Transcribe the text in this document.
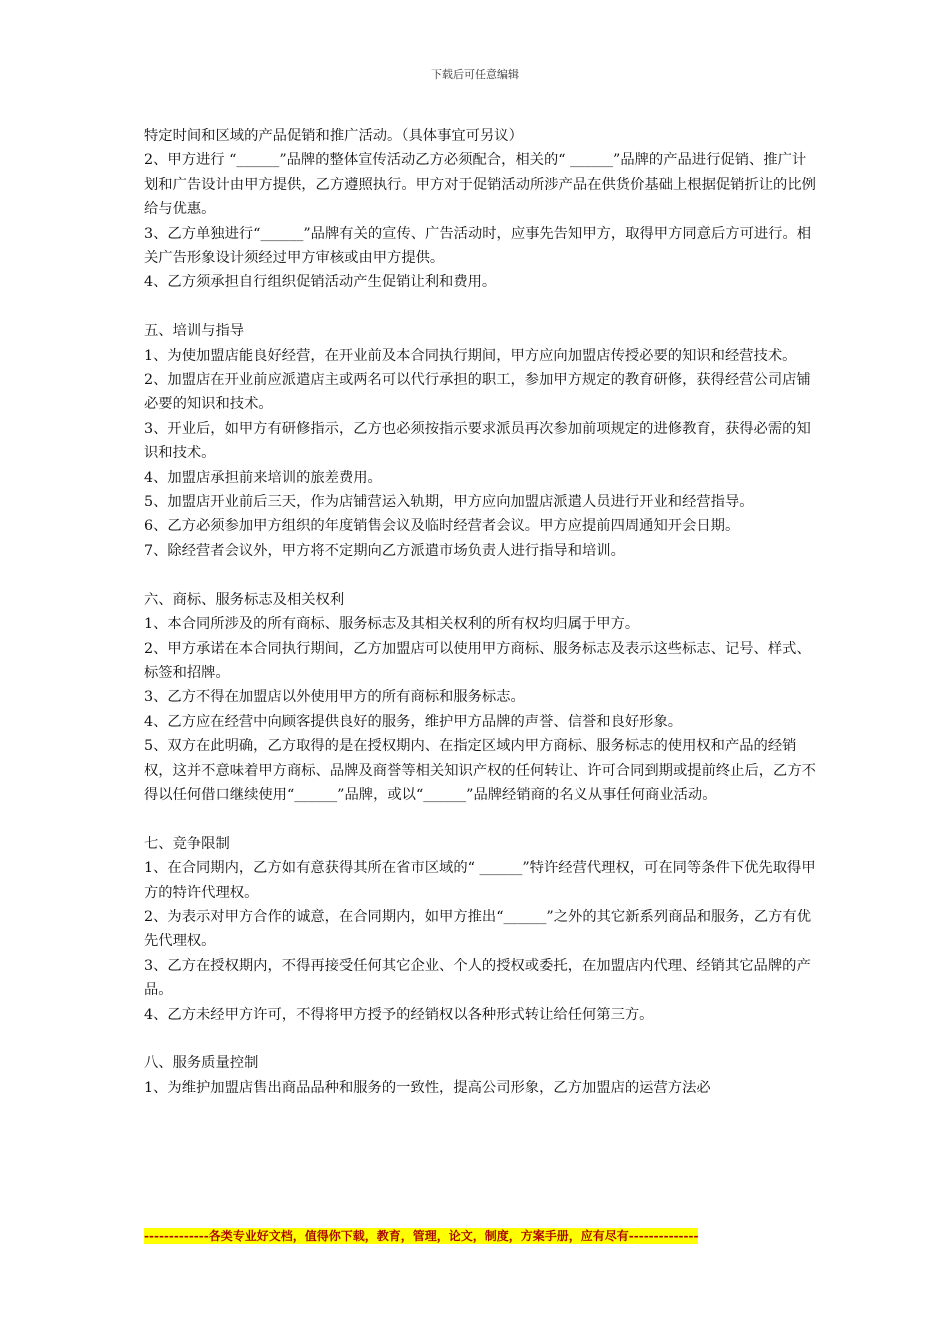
下载后可任意编辑

特定时间和区域的产品促销和推广活动。（具体事宜可另议）

2、甲方进行 “______”品牌的整体宣传活动乙方必须配合，相关的“ ______”品牌的产品进行促销、推广计划和广告设计由甲方提供，乙方遵照执行。甲方对于促销活动所涉产品在供货价基础上根据促销折让的比例给与优惠。

3、乙方单独进行“______”品牌有关的宣传、广告活动时，应事先告知甲方，取得甲方同意后方可进行。相关广告形象设计须经过甲方审核或由甲方提供。

4、乙方须承担自行组织促销活动产生促销让利和费用。

五、培训与指导

1、为使加盟店能良好经营，在开业前及本合同执行期间，甲方应向加盟店传授必要的知识和经营技术。

2、加盟店在开业前应派遣店主或两名可以代行承担的职工，参加甲方规定的教育研修，获得经营公司店铺必要的知识和技术。

3、开业后，如甲方有研修指示，乙方也必须按指示要求派员再次参加前项规定的进修教育，获得必需的知识和技术。

4、加盟店承担前来培训的旅差费用。

5、加盟店开业前后三天，作为店铺营运入轨期，甲方应向加盟店派遣人员进行开业和经营指导。

6、乙方必须参加甲方组织的年度销售会议及临时经营者会议。甲方应提前四周通知开会日期。

7、除经营者会议外，甲方将不定期向乙方派遣市场负责人进行指导和培训。

六、商标、服务标志及相关权利

1、本合同所涉及的所有商标、服务标志及其相关权利的所有权均归属于甲方。

2、甲方承诺在本合同执行期间，乙方加盟店可以使用甲方商标、服务标志及表示这些标志、记号、样式、标签和招牌。

3、乙方不得在加盟店以外使用甲方的所有商标和服务标志。

4、乙方应在经营中向顾客提供良好的服务，维护甲方品牌的声誉、信誉和良好形象。

5、双方在此明确，乙方取得的是在授权期内、在指定区域内甲方商标、服务标志的使用权和产品的经销权，这并不意味着甲方商标、品牌及商誉等相关知识产权的任何转让、许可合同到期或提前终止后，乙方不得以任何借口继续使用“______”品牌，或以“______”品牌经销商的名义从事任何商业活动。

七、竞争限制

1、在合同期内，乙方如有意获得其所在省市区域的“ ______”特许经营代理权，可在同等条件下优先取得甲方的特许代理权。

2、为表示对甲方合作的诚意，在合同期内，如甲方推出“______”之外的其它新系列商品和服务，乙方有优先代理权。

3、乙方在授权期内，不得再接受任何其它企业、个人的授权或委托，在加盟店内代理、经销其它品牌的产品。

4、乙方未经甲方许可，不得将甲方授予的经销权以各种形式转让给任何第三方。

八、服务质量控制

1、为维护加盟店售出商品品种和服务的一致性，提高公司形象，乙方加盟店的运营方法必

-------------各类专业好文档，值得你下载，教育，管理，论文，制度，方案手册，应有尽有--------------
